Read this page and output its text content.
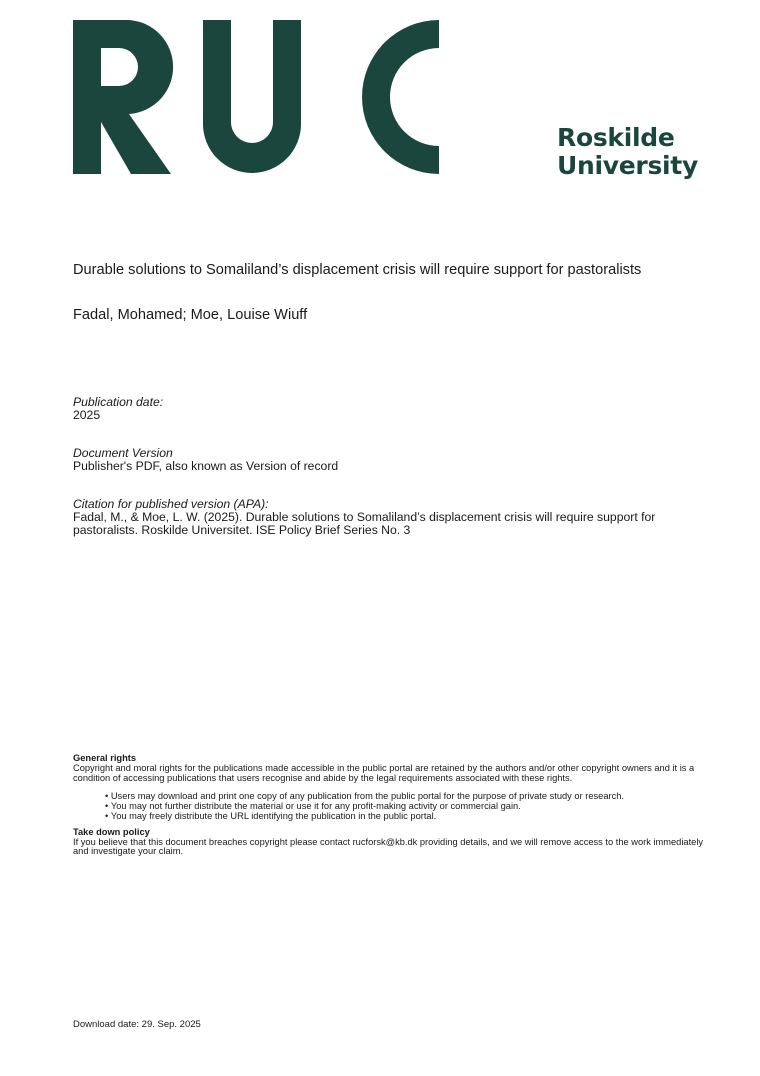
Roskilde
University
Durable solutions to Somaliland’s displacement crisis will require support for pastoralists
Fadal, Mohamed; Moe, Louise Wiuff
Publication date:
2025
Document Version
Publisher's PDF, also known as Version of record
Citation for published version (APA):
Fadal, M., & Moe, L. W. (2025). Durable solutions to Somaliland’s displacement crisis will require support for pastoralists. Roskilde Universitet. ISE Policy Brief Series No. 3
General rights
Copyright and moral rights for the publications made accessible in the public portal are retained by the authors and/or other copyright owners and it is a condition of accessing publications that users recognise and abide by the legal requirements associated with these rights.
• Users may download and print one copy of any publication from the public portal for the purpose of private study or research.
• You may not further distribute the material or use it for any profit-making activity or commercial gain.
• You may freely distribute the URL identifying the publication in the public portal.
Take down policy
If you believe that this document breaches copyright please contact rucforsk@kb.dk providing details, and we will remove access to the work immediately and investigate your claim.
Download date: 29. Sep. 2025
